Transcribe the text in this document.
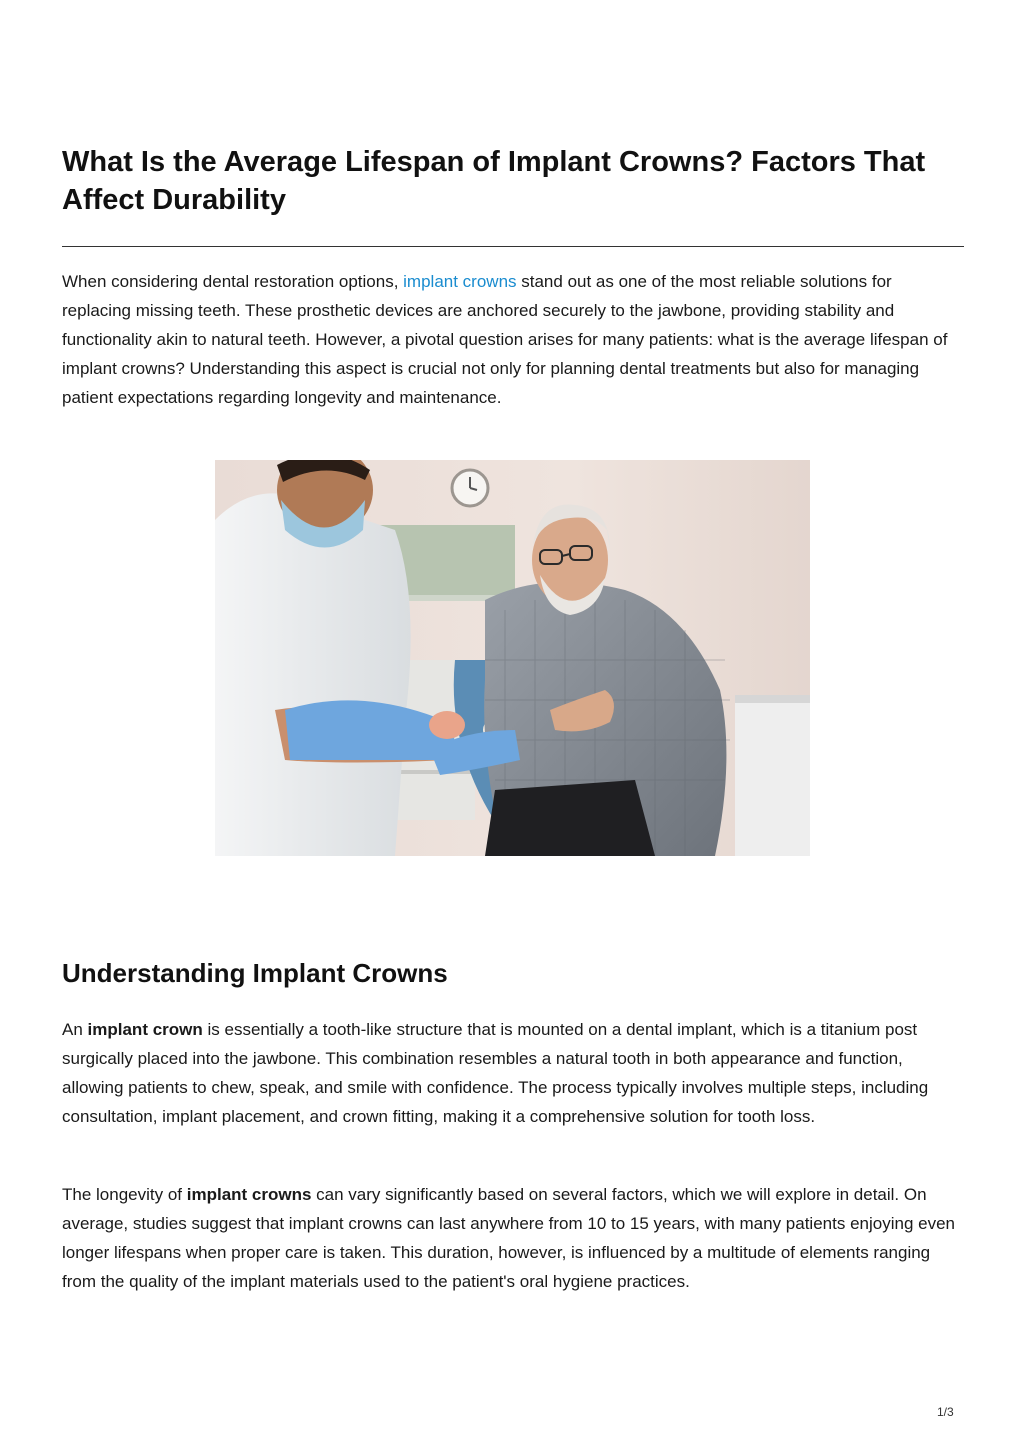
What Is the Average Lifespan of Implant Crowns? Factors That Affect Durability

When considering dental restoration options, implant crowns stand out as one of the most reliable solutions for replacing missing teeth. These prosthetic devices are anchored securely to the jawbone, providing stability and functionality akin to natural teeth. However, a pivotal question arises for many patients: what is the average lifespan of implant crowns? Understanding this aspect is crucial not only for planning dental treatments but also for managing patient expectations regarding longevity and maintenance.

Understanding Implant Crowns

An implant crown is essentially a tooth-like structure that is mounted on a dental implant, which is a titanium post surgically placed into the jawbone. This combination resembles a natural tooth in both appearance and function, allowing patients to chew, speak, and smile with confidence. The process typically involves multiple steps, including consultation, implant placement, and crown fitting, making it a comprehensive solution for tooth loss.

The longevity of implant crowns can vary significantly based on several factors, which we will explore in detail. On average, studies suggest that implant crowns can last anywhere from 10 to 15 years, with many patients enjoying even longer lifespans when proper care is taken. This duration, however, is influenced by a multitude of elements ranging from the quality of the implant materials used to the patient's oral hygiene practices.

1/3
